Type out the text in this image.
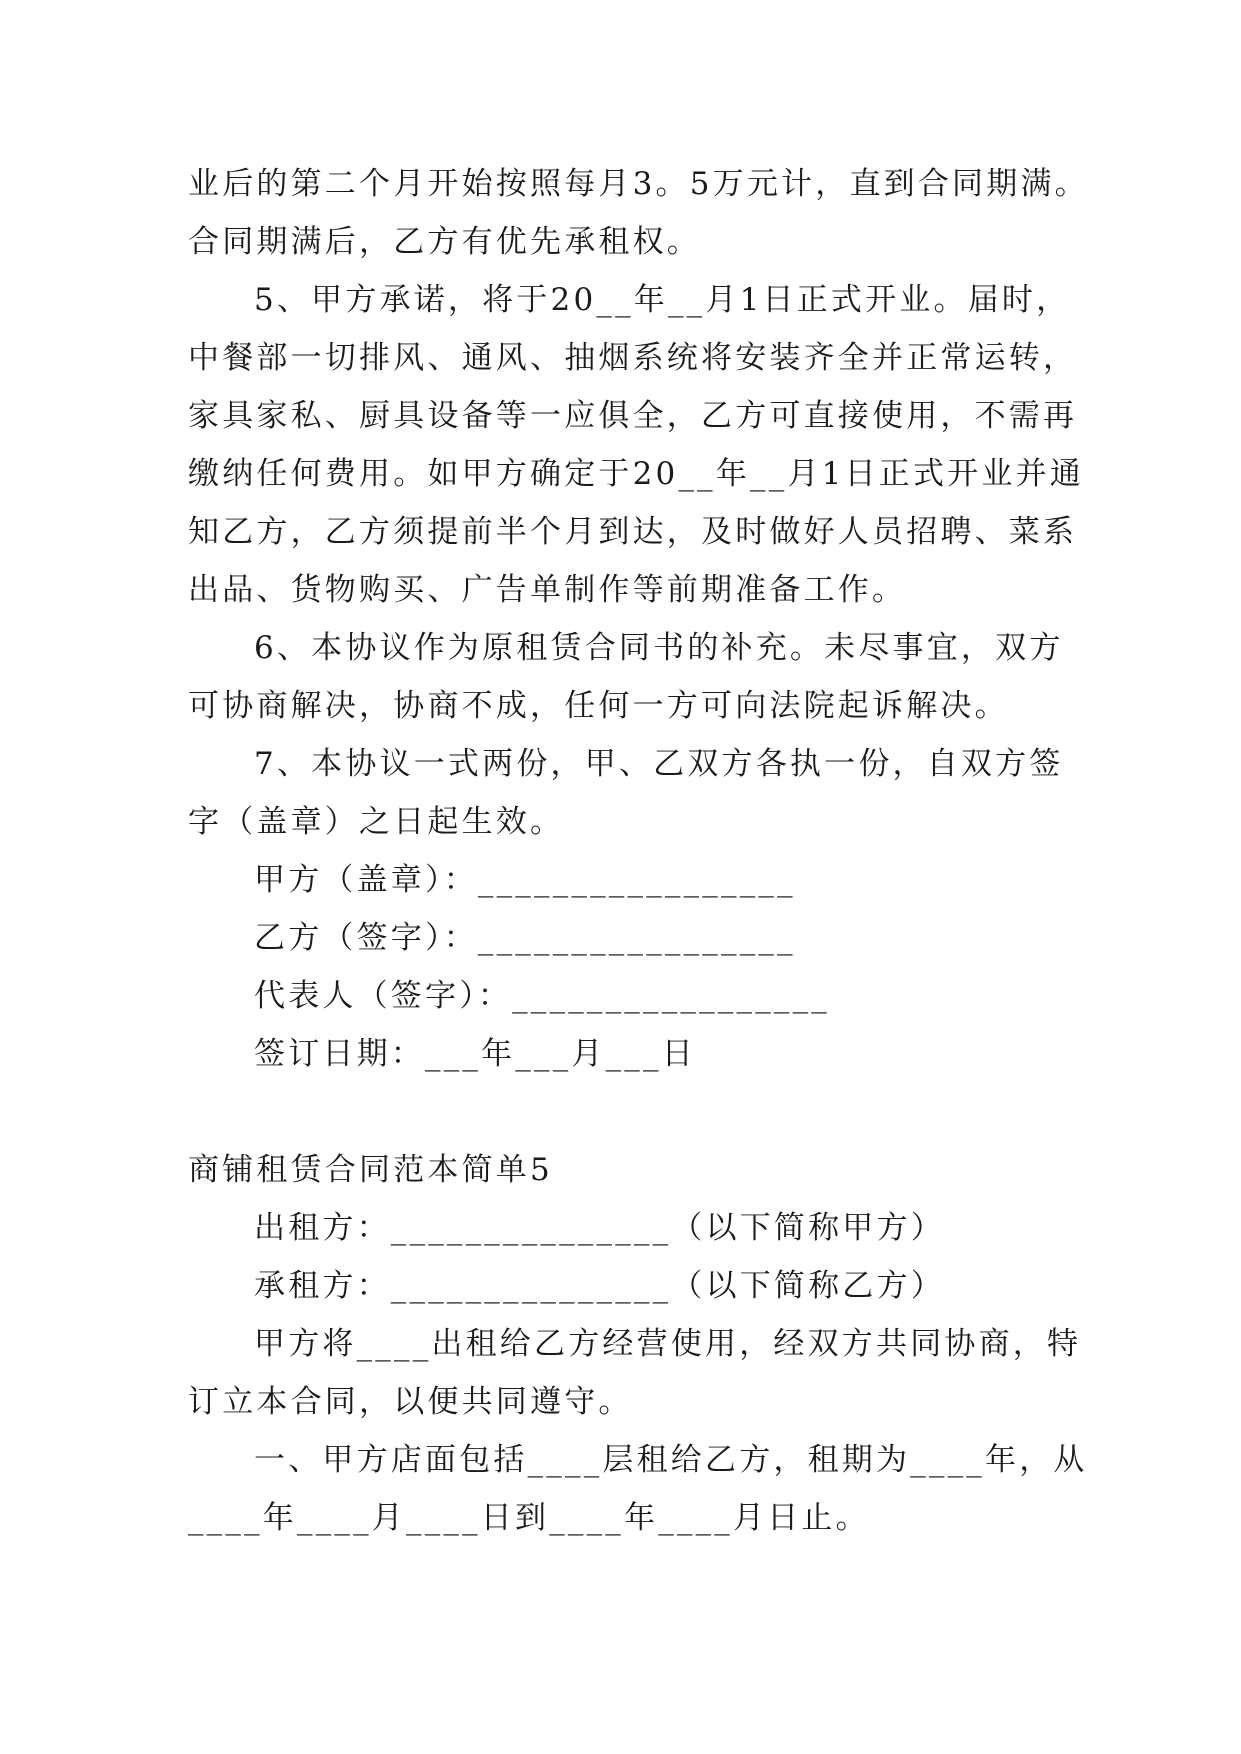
业后的第二个月开始按照每月3。5万元计，直到合同期满。
合同期满后，乙方有优先承租权。
5、甲方承诺，将于20__年__月1日正式开业。届时，
中餐部一切排风、通风、抽烟系统将安装齐全并正常运转，
家具家私、厨具设备等一应俱全，乙方可直接使用，不需再
缴纳任何费用。如甲方确定于20__年__月1日正式开业并通
知乙方，乙方须提前半个月到达，及时做好人员招聘、菜系
出品、货物购买、广告单制作等前期准备工作。
6、本协议作为原租赁合同书的补充。未尽事宜，双方
可协商解决，协商不成，任何一方可向法院起诉解决。
7、本协议一式两份，甲、乙双方各执一份，自双方签
字（盖章）之日起生效。
甲方（盖章）：_________________
乙方（签字）：_________________
代表人（签字）：_________________
签订日期：___年___月___日
商铺租赁合同范本简单5
出租方：_______________（以下简称甲方）
承租方：_______________（以下简称乙方）
甲方将____出租给乙方经营使用，经双方共同协商，特
订立本合同，以便共同遵守。
一、甲方店面包括____层租给乙方，租期为____年，从
____年____月____日到____年____月日止。
